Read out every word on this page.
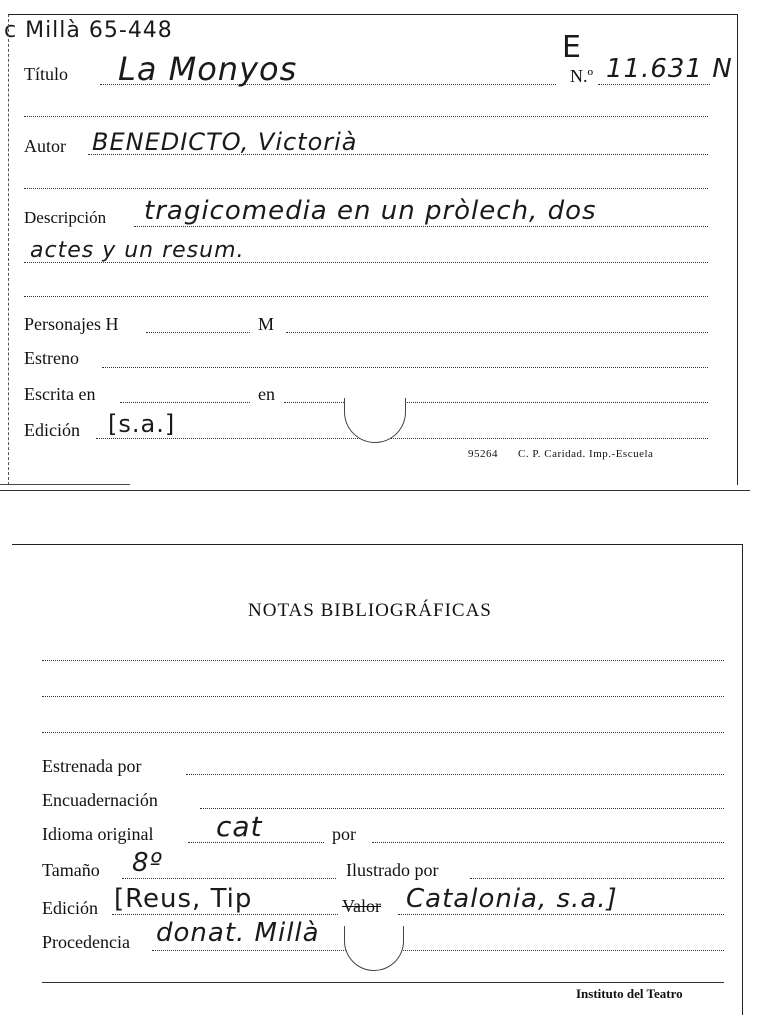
c Millà 65-448	E
Título La Monyos	N.º 11.631 N
Autor BENEDICTO, Victorià
Descripción tragicomedia en un pròlech, dos
actes y un resum.
Personajes H	M
Estreno
Escrita en	en
Edición [s.a.]
95264 C. P. Caridad. Imp.-Escuela
NOTAS BIBLIOGRÁFICAS
Estrenada por
Encuadernación
Idioma original cat	por
Tamaño 8º	Ilustrado por
Edición [Reus, Tip	Valor Catalonia, s.a.]
Procedencia donat. Millà
Instituto del Teatro
